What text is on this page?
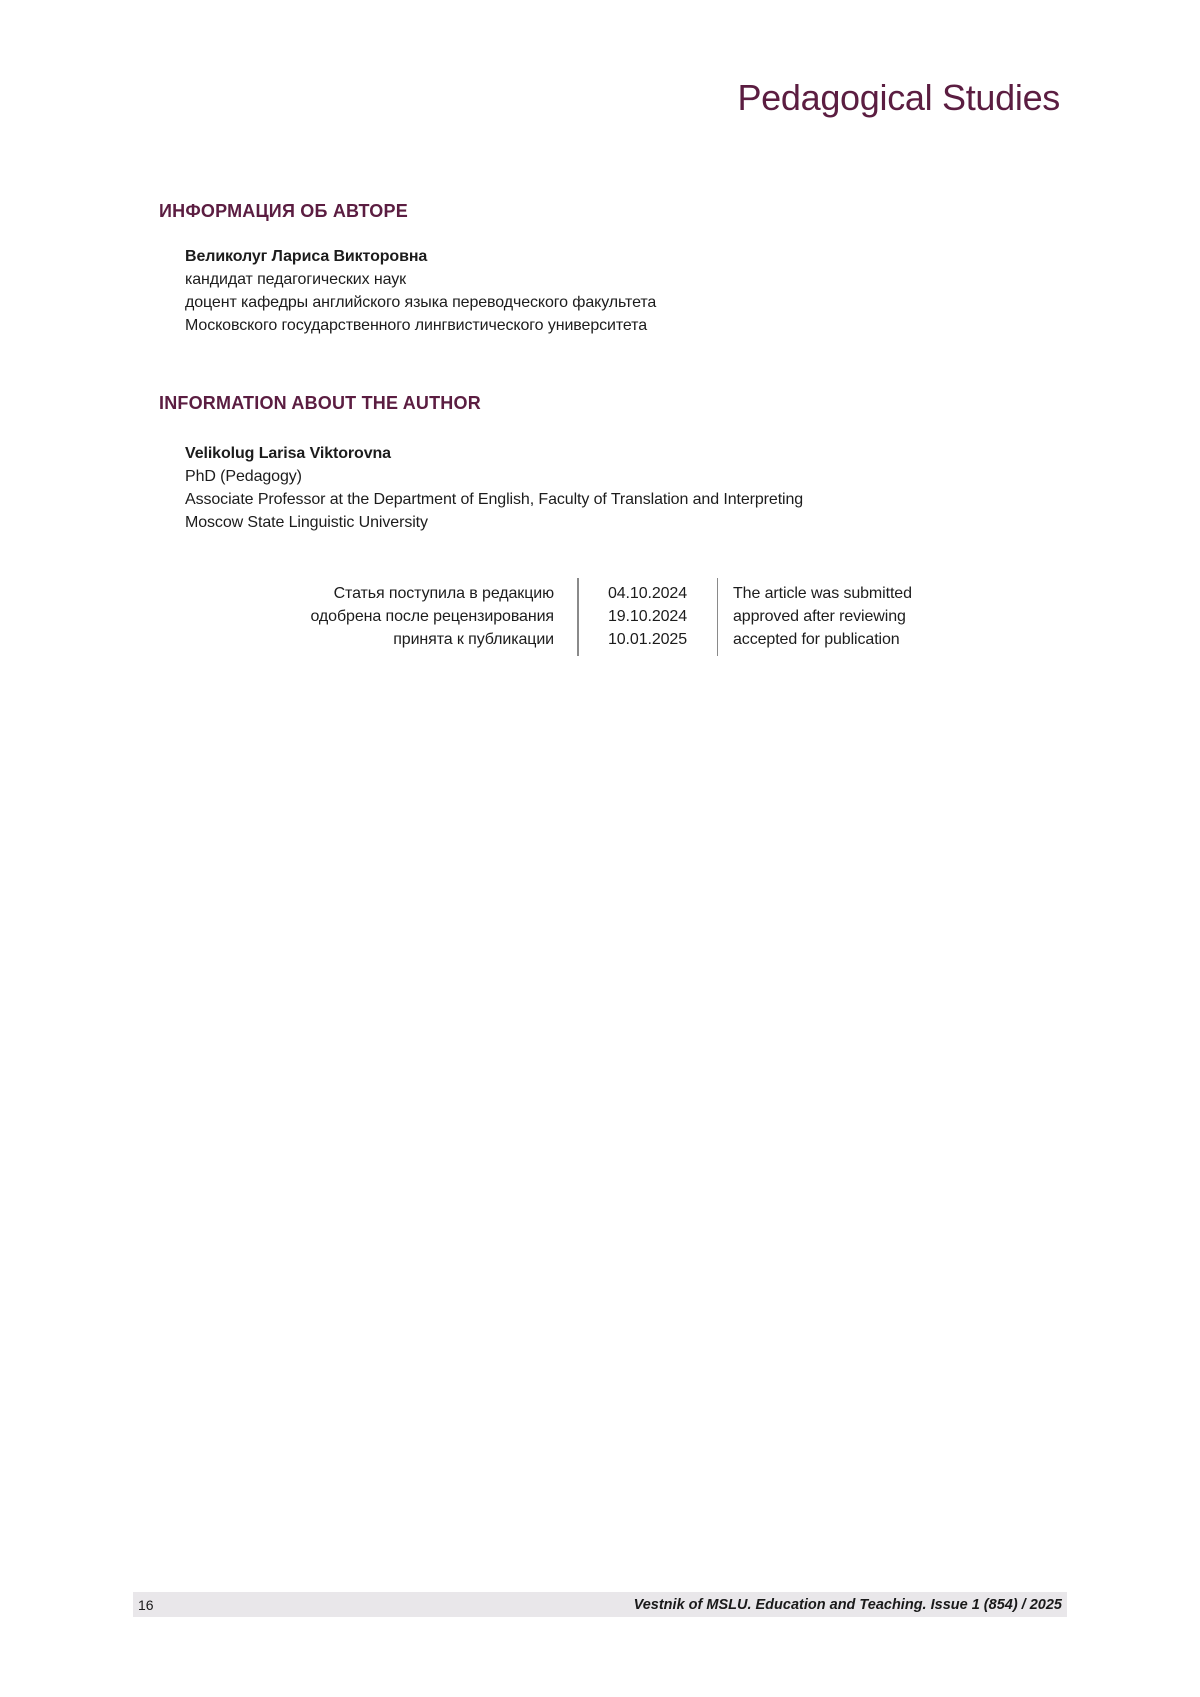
Pedagogical Studies
ИНФОРМАЦИЯ ОБ АВТОРЕ
Великолуг Лариса Викторовна
кандидат педагогических наук
доцент кафедры английского языка переводческого факультета
Московского государственного лингвистического университета
INFORMATION ABOUT THE AUTHOR
Velikolug Larisa Viktorovna
PhD (Pedagogy)
Associate Professor at the Department of English, Faculty of Translation and Interpreting
Moscow State Linguistic University
Статья поступила в редакцию
одобрена после рецензирования
принята к публикации
04.10.2024
19.10.2024
10.01.2025
The article was submitted
approved after reviewing
accepted for publication
16	Vestnik of MSLU. Education and Teaching. Issue 1 (854) / 2025
